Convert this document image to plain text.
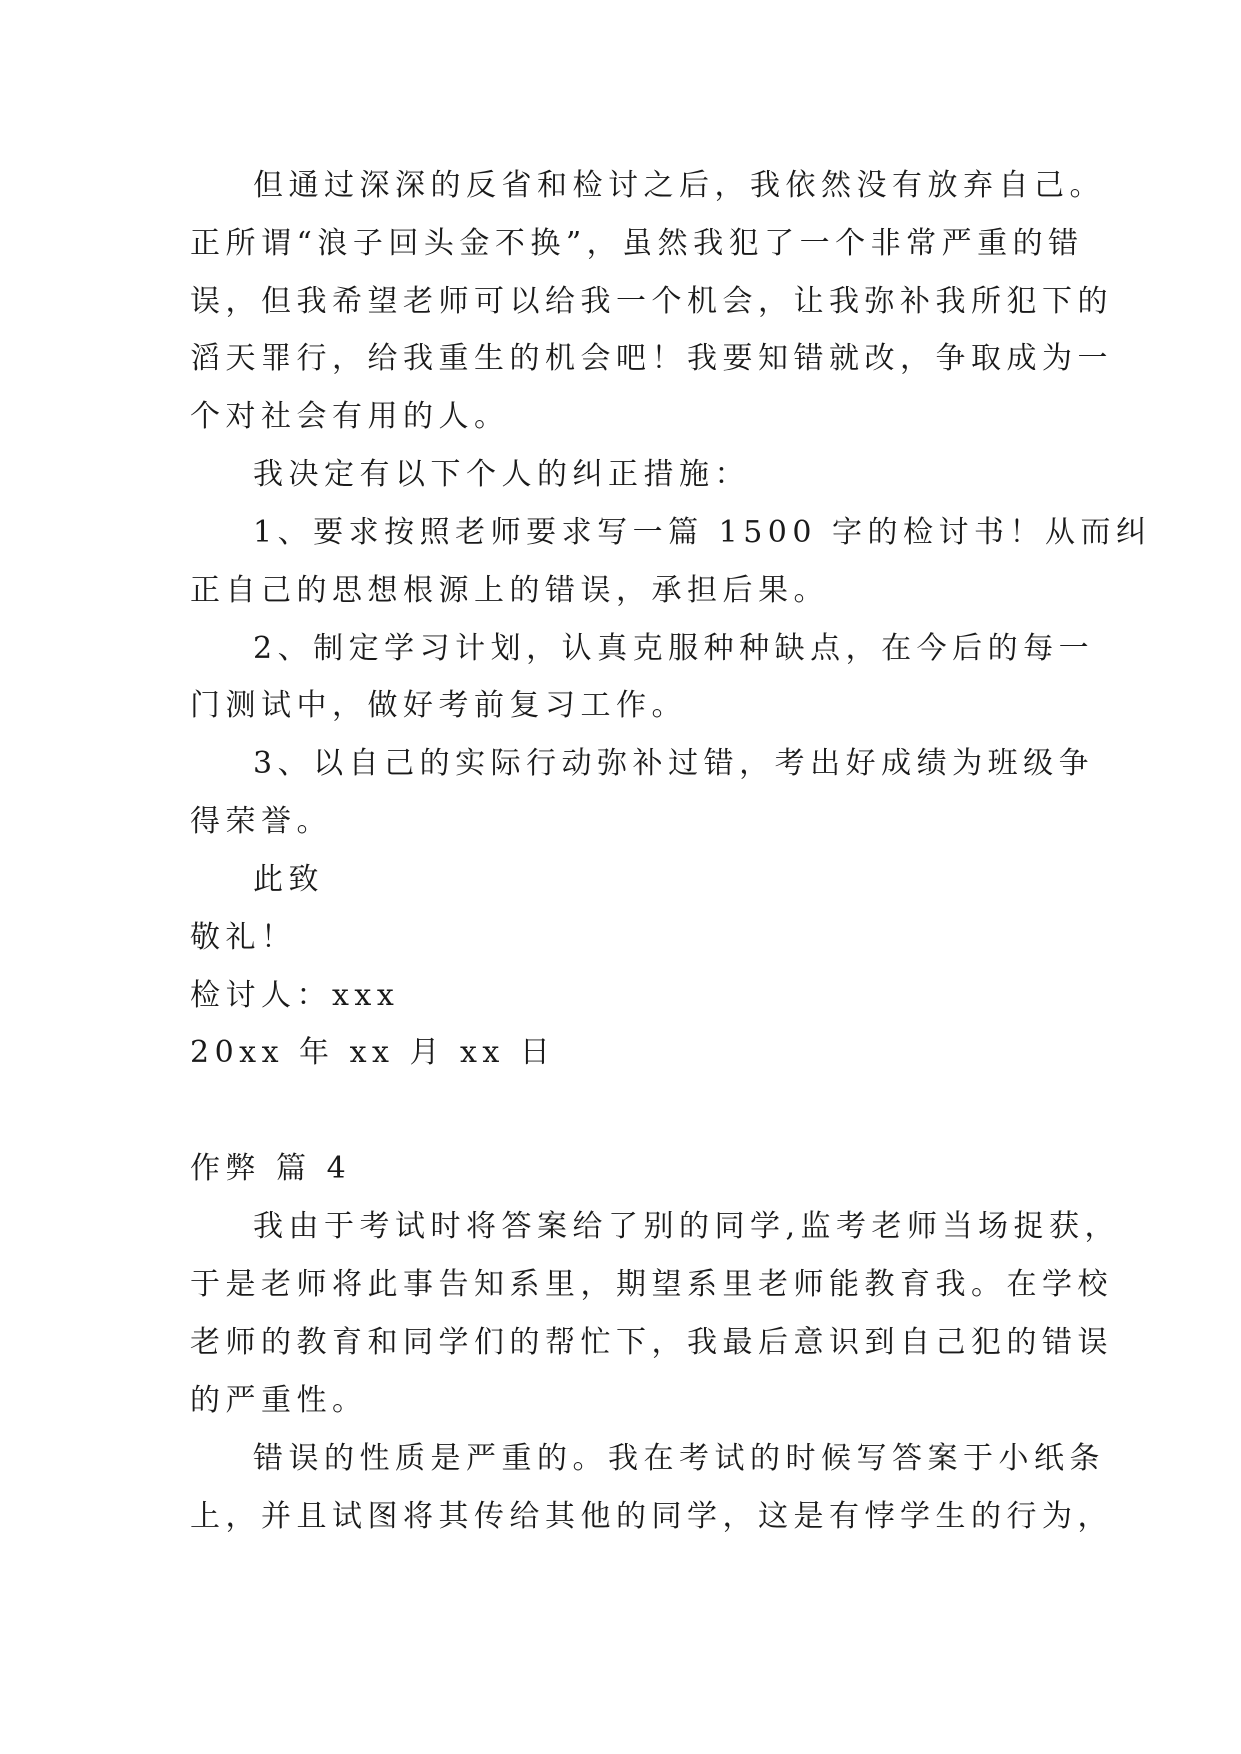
但通过深深的反省和检讨之后，我依然没有放弃自己。
正所谓“浪子回头金不换”，虽然我犯了一个非常严重的错
误，但我希望老师可以给我一个机会，让我弥补我所犯下的
滔天罪行，给我重生的机会吧！我要知错就改，争取成为一
个对社会有用的人。
我决定有以下个人的纠正措施：
1、要求按照老师要求写一篇 1500 字的检讨书！从而纠
正自己的思想根源上的错误，承担后果。
2、制定学习计划，认真克服种种缺点，在今后的每一
门测试中，做好考前复习工作。
3、以自己的实际行动弥补过错，考出好成绩为班级争
得荣誉。
此致
敬礼！
检讨人：xxx
20xx 年 xx 月 xx 日
作弊 篇 4
我由于考试时将答案给了别的同学,监考老师当场捉获，
于是老师将此事告知系里，期望系里老师能教育我。在学校
老师的教育和同学们的帮忙下，我最后意识到自己犯的错误
的严重性。
错误的性质是严重的。我在考试的时候写答案于小纸条
上，并且试图将其传给其他的同学，这是有悖学生的行为，
